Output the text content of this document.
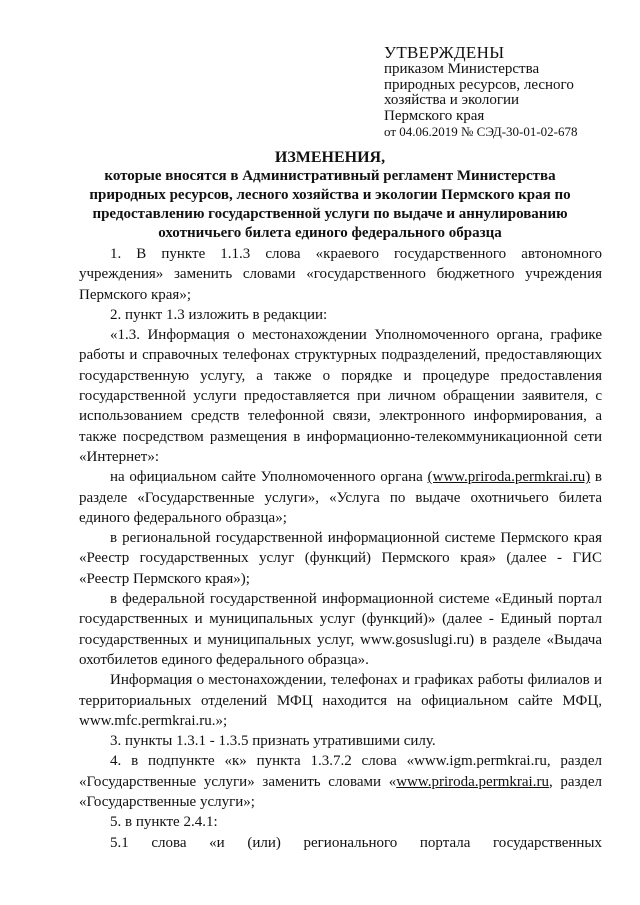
УТВЕРЖДЕНЫ
приказом Министерства
природных ресурсов, лесного
хозяйства и экологии
Пермского края
от 04.06.2019 № СЭД-30-01-02-678
ИЗМЕНЕНИЯ,
которые вносятся в Административный регламент Министерства
природных ресурсов, лесного хозяйства и экологии Пермского края по
предоставлению государственной услуги по выдаче и аннулированию
охотничьего билета единого федерального образца

1. В пункте 1.1.3 слова «краевого государственного автономного учреждения» заменить словами «государственного бюджетного учреждения Пермского края»;

2. пункт 1.3 изложить в редакции:

«1.3. Информация о местонахождении Уполномоченного органа, графике работы и справочных телефонах структурных подразделений, предоставляющих государственную услугу, а также о порядке и процедуре предоставления государственной услуги предоставляется при личном обращении заявителя, с использованием средств телефонной связи, электронного информирования, а также посредством размещения в информационно-телекоммуникационной сети «Интернет»:

на официальном сайте Уполномоченного органа (www.priroda.permkrai.ru) в разделе «Государственные услуги», «Услуга по выдаче охотничьего билета единого федерального образца»;

в региональной государственной информационной системе Пермского края «Реестр государственных услуг (функций) Пермского края» (далее - ГИС «Реестр Пермского края»);

в федеральной государственной информационной системе «Единый портал государственных и муниципальных услуг (функций)» (далее - Единый портал государственных и муниципальных услуг, www.gosuslugi.ru) в разделе «Выдача охотбилетов единого федерального образца».

Информация о местонахождении, телефонах и графиках работы филиалов и территориальных отделений МФЦ находится на официальном сайте МФЦ, www.mfc.permkrai.ru.»;

3. пункты 1.3.1 - 1.3.5 признать утратившими силу.

4. в подпункте «к» пункта 1.3.7.2 слова «www.igm.permkrai.ru, раздел «Государственные услуги» заменить словами «www.priroda.permkrai.ru, раздел «Государственные услуги»;

5. в пункте 2.4.1:

5.1 слова «и (или) регионального портала государственных
